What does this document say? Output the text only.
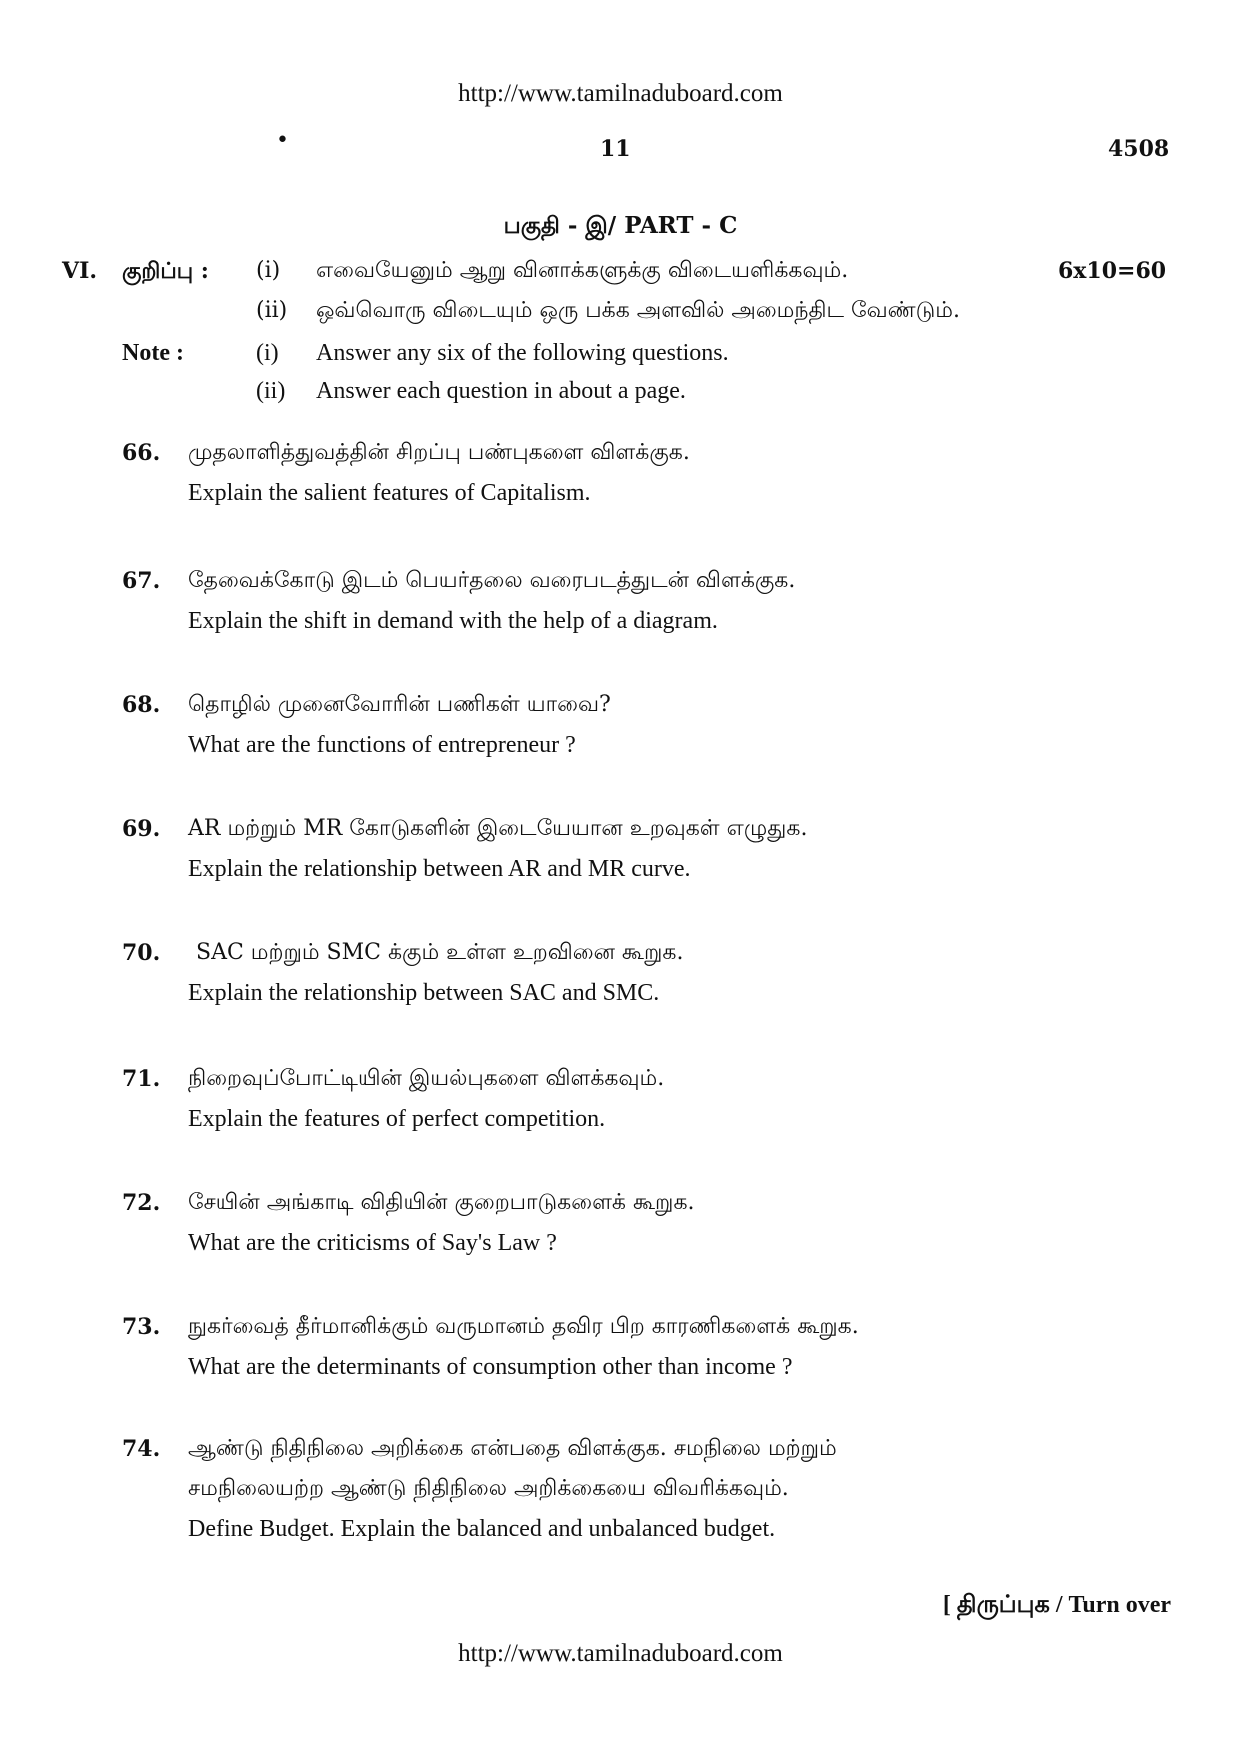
http://www.tamilnaduboard.com
•	11	4508
பகுதி - இ/ PART - C
VI. குறிப்பு : (i) எவையேனும் ஆறு வினாக்களுக்கு விடையளிக்கவும்.	6x10=60
(ii) ஒவ்வொரு விடையும் ஒரு பக்க அளவில் அமைந்திட வேண்டும்.
Note :	(i) Answer any six of the following questions.
(ii) Answer each question in about a page.
66. முதலாளித்துவத்தின் சிறப்பு பண்புகளை விளக்குக.
Explain the salient features of Capitalism.
67. தேவைக்கோடு இடம் பெயர்தலை வரைபடத்துடன் விளக்குக.
Explain the shift in demand with the help of a diagram.
68. தொழில் முனைவோரின் பணிகள் யாவை?
What are the functions of entrepreneur ?
69. AR மற்றும் MR கோடுகளின் இடையேயான உறவுகள் எழுதுக.
Explain the relationship between AR and MR curve.
70. SAC மற்றும் SMC க்கும் உள்ள உறவினை கூறுக.
Explain the relationship between SAC and SMC.
71. நிறைவுப்போட்டியின் இயல்புகளை விளக்கவும்.
Explain the features of perfect competition.
72. சேயின் அங்காடி விதியின் குறைபாடுகளைக் கூறுக.
What are the criticisms of Say's Law ?
73. நுகர்வைத் தீர்மானிக்கும் வருமானம் தவிர பிற காரணிகளைக் கூறுக.
What are the determinants of consumption other than income ?
74. ஆண்டு நிதிநிலை அறிக்கை என்பதை விளக்குக. சமநிலை மற்றும்
சமநிலையற்ற ஆண்டு நிதிநிலை அறிக்கையை விவரிக்கவும்.
Define Budget. Explain the balanced and unbalanced budget.
[ திருப்புக / Turn over
http://www.tamilnaduboard.com
